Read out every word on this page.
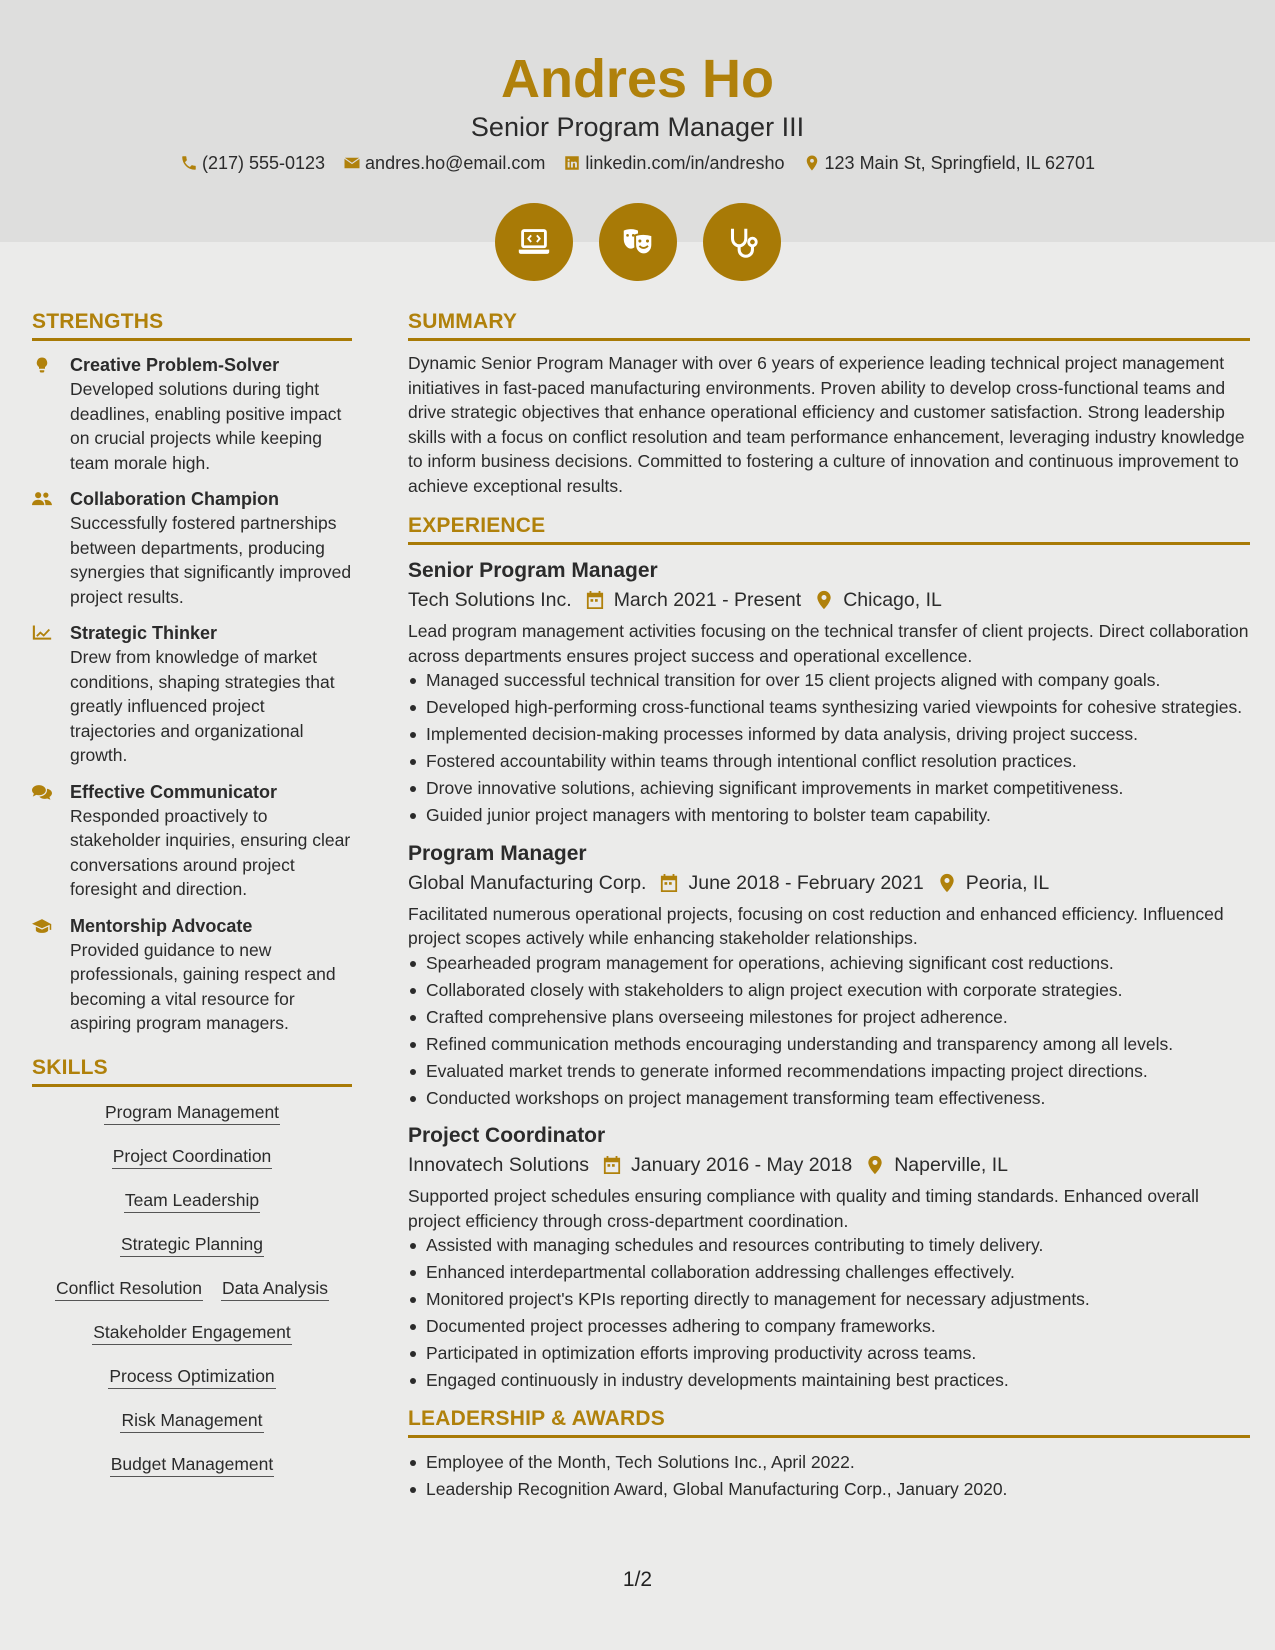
Andres Ho
Senior Program Manager III
(217) 555-0123 andres.ho@email.com linkedin.com/in/andresho 123 Main St, Springfield, IL 62701
STRENGTHS
Creative Problem-Solver
Developed solutions during tight deadlines, enabling positive impact on crucial projects while keeping team morale high.
Collaboration Champion
Successfully fostered partnerships between departments, producing synergies that significantly improved project results.
Strategic Thinker
Drew from knowledge of market conditions, shaping strategies that greatly influenced project trajectories and organizational growth.
Effective Communicator
Responded proactively to stakeholder inquiries, ensuring clear conversations around project foresight and direction.
Mentorship Advocate
Provided guidance to new professionals, gaining respect and becoming a vital resource for aspiring program managers.
SKILLS
Program Management
Project Coordination
Team Leadership
Strategic Planning
Conflict Resolution Data Analysis
Stakeholder Engagement
Process Optimization
Risk Management
Budget Management
SUMMARY
Dynamic Senior Program Manager with over 6 years of experience leading technical project management initiatives in fast-paced manufacturing environments. Proven ability to develop cross-functional teams and drive strategic objectives that enhance operational efficiency and customer satisfaction. Strong leadership skills with a focus on conflict resolution and team performance enhancement, leveraging industry knowledge to inform business decisions. Committed to fostering a culture of innovation and continuous improvement to achieve exceptional results.
EXPERIENCE
Senior Program Manager
Tech Solutions Inc. March 2021 - Present Chicago, IL
Lead program management activities focusing on the technical transfer of client projects. Direct collaboration across departments ensures project success and operational excellence.
Managed successful technical transition for over 15 client projects aligned with company goals.
Developed high-performing cross-functional teams synthesizing varied viewpoints for cohesive strategies.
Implemented decision-making processes informed by data analysis, driving project success.
Fostered accountability within teams through intentional conflict resolution practices.
Drove innovative solutions, achieving significant improvements in market competitiveness.
Guided junior project managers with mentoring to bolster team capability.
Program Manager
Global Manufacturing Corp. June 2018 - February 2021 Peoria, IL
Facilitated numerous operational projects, focusing on cost reduction and enhanced efficiency. Influenced project scopes actively while enhancing stakeholder relationships.
Spearheaded program management for operations, achieving significant cost reductions.
Collaborated closely with stakeholders to align project execution with corporate strategies.
Crafted comprehensive plans overseeing milestones for project adherence.
Refined communication methods encouraging understanding and transparency among all levels.
Evaluated market trends to generate informed recommendations impacting project directions.
Conducted workshops on project management transforming team effectiveness.
Project Coordinator
Innovatech Solutions January 2016 - May 2018 Naperville, IL
Supported project schedules ensuring compliance with quality and timing standards. Enhanced overall project efficiency through cross-department coordination.
Assisted with managing schedules and resources contributing to timely delivery.
Enhanced interdepartmental collaboration addressing challenges effectively.
Monitored project's KPIs reporting directly to management for necessary adjustments.
Documented project processes adhering to company frameworks.
Participated in optimization efforts improving productivity across teams.
Engaged continuously in industry developments maintaining best practices.
LEADERSHIP & AWARDS
Employee of the Month, Tech Solutions Inc., April 2022.
Leadership Recognition Award, Global Manufacturing Corp., January 2020.
1/2
